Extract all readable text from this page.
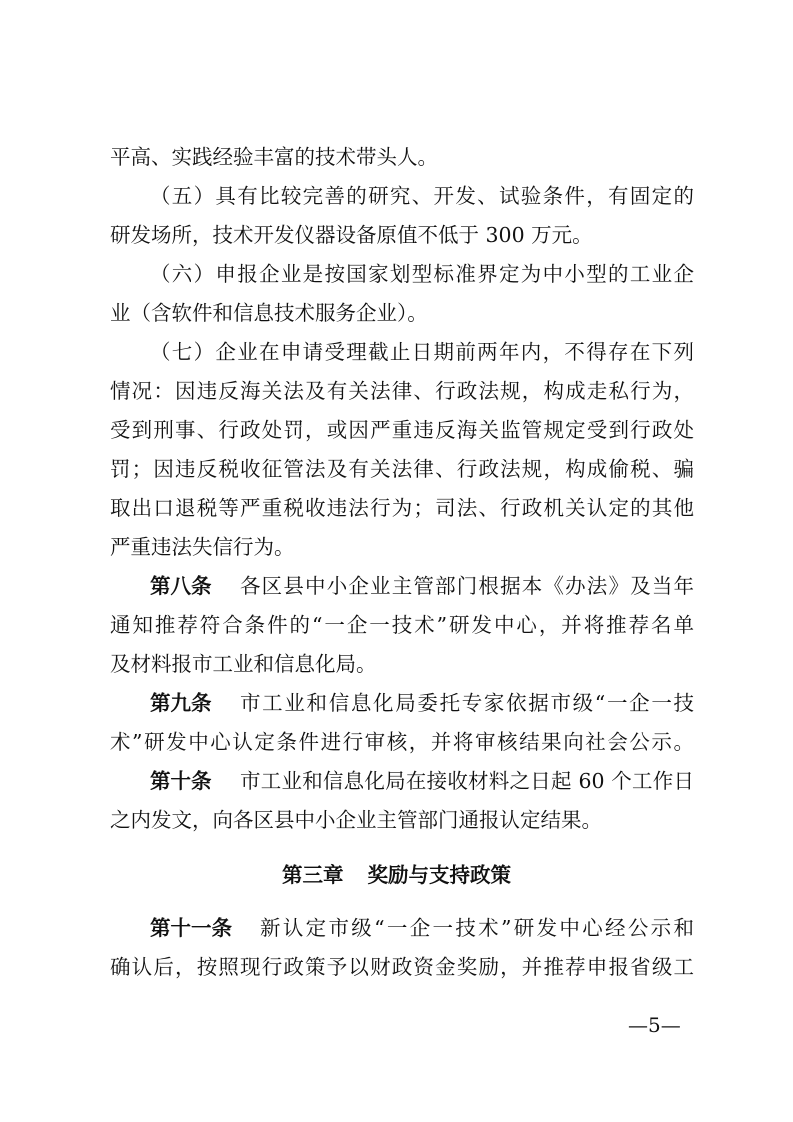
平高、实践经验丰富的技术带头人。
（五）具有比较完善的研究、开发、试验条件，有固定的
研发场所，技术开发仪器设备原值不低于 300 万元。
（六）申报企业是按国家划型标准界定为中小型的工业企
业（含软件和信息技术服务企业）。
（七）企业在申请受理截止日期前两年内，不得存在下列
情况：因违反海关法及有关法律、行政法规，构成走私行为，
受到刑事、行政处罚，或因严重违反海关监管规定受到行政处
罚；因违反税收征管法及有关法律、行政法规，构成偷税、骗
取出口退税等严重税收违法行为；司法、行政机关认定的其他
严重违法失信行为。
第八条 各区县中小企业主管部门根据本《办法》及当年
通知推荐符合条件的“一企一技术”研发中心，并将推荐名单
及材料报市工业和信息化局。
第九条 市工业和信息化局委托专家依据市级“一企一技
术”研发中心认定条件进行审核，并将审核结果向社会公示。
第十条 市工业和信息化局在接收材料之日起 60 个工作日
之内发文，向各区县中小企业主管部门通报认定结果。
第三章 奖励与支持政策
第十一条 新认定市级“一企一技术”研发中心经公示和
确认后，按照现行政策予以财政资金奖励，并推荐申报省级工
—5—
